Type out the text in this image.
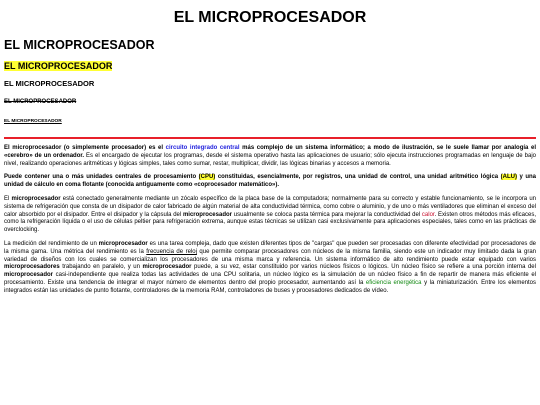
EL MICROPROCESADOR
EL MICROPROCESADOR
EL MICROPROCESADOR
EL MICROPROCESADOR
EL MICROPROCESADOR
EL MICROPROCESADOR

El microprocesador (o simplemente procesador) es el circuito integrado central más complejo de un sistema informático; a modo de ilustración, se le suele llamar por analogía el «cerebro» de un ordenador. Es el encargado de ejecutar los programas, desde el sistema operativo hasta las aplicaciones de usuario; sólo ejecuta instrucciones programadas en lenguaje de bajo nivel, realizando operaciones aritméticas y lógicas simples, tales como sumar, restar, multiplicar, dividir, las lógicas binarias y accesos a memoria.

Puede contener una o más unidades centrales de procesamiento (CPU) constituidas, esencialmente, por registros, una unidad de control, una unidad aritmético lógica (ALU) y una unidad de cálculo en coma flotante (conocida antiguamente como «coprocesador matemático»).

El microprocesador está conectado generalmente mediante un zócalo específico de la placa base de la computadora; normalmente para su correcto y estable funcionamiento, se le incorpora un sistema de refrigeración que consta de un disipador de calor fabricado de algún material de alta conductividad térmica, como cobre o aluminio, y de uno o más ventiladores que eliminan el exceso del calor absorbido por el disipador. Entre el disipador y la cápsula del microprocesador usualmente se coloca pasta térmica para mejorar la conductividad del calor. Existen otros métodos más eficaces, como la refrigeración líquida o el uso de células peltier para refrigeración extrema, aunque estas técnicas se utilizan casi exclusivamente para aplicaciones especiales, tales como en las prácticas de overclocking.

La medición del rendimiento de un microprocesador es una tarea compleja, dado que existen diferentes tipos de "cargas" que pueden ser procesadas con diferente efectividad por procesadores de la misma gama. Una métrica del rendimiento es la frecuencia de reloj que permite comparar procesadores con núcleos de la misma familia, siendo este un indicador muy limitado dada la gran variedad de diseños con los cuales se comercializan los procesadores de una misma marca y referencia. Un sistema informático de alto rendimiento puede estar equipado con varios microprocesadores trabajando en paralelo, y un microprocesador puede, a su vez, estar constituido por varios núcleos físicos o lógicos. Un núcleo físico se refiere a una porción interna del microprocesador casi-independiente que realiza todas las actividades de una CPU solitaria, un núcleo lógico es la simulación de un núcleo físico a fin de repartir de manera más eficiente el procesamiento. Existe una tendencia de integrar el mayor número de elementos dentro del propio procesador, aumentando así la eficiencia energética y la miniaturización. Entre los elementos integrados están las unidades de punto flotante, controladores de la memoria RAM, controladores de buses y procesadores dedicados de vídeo.
